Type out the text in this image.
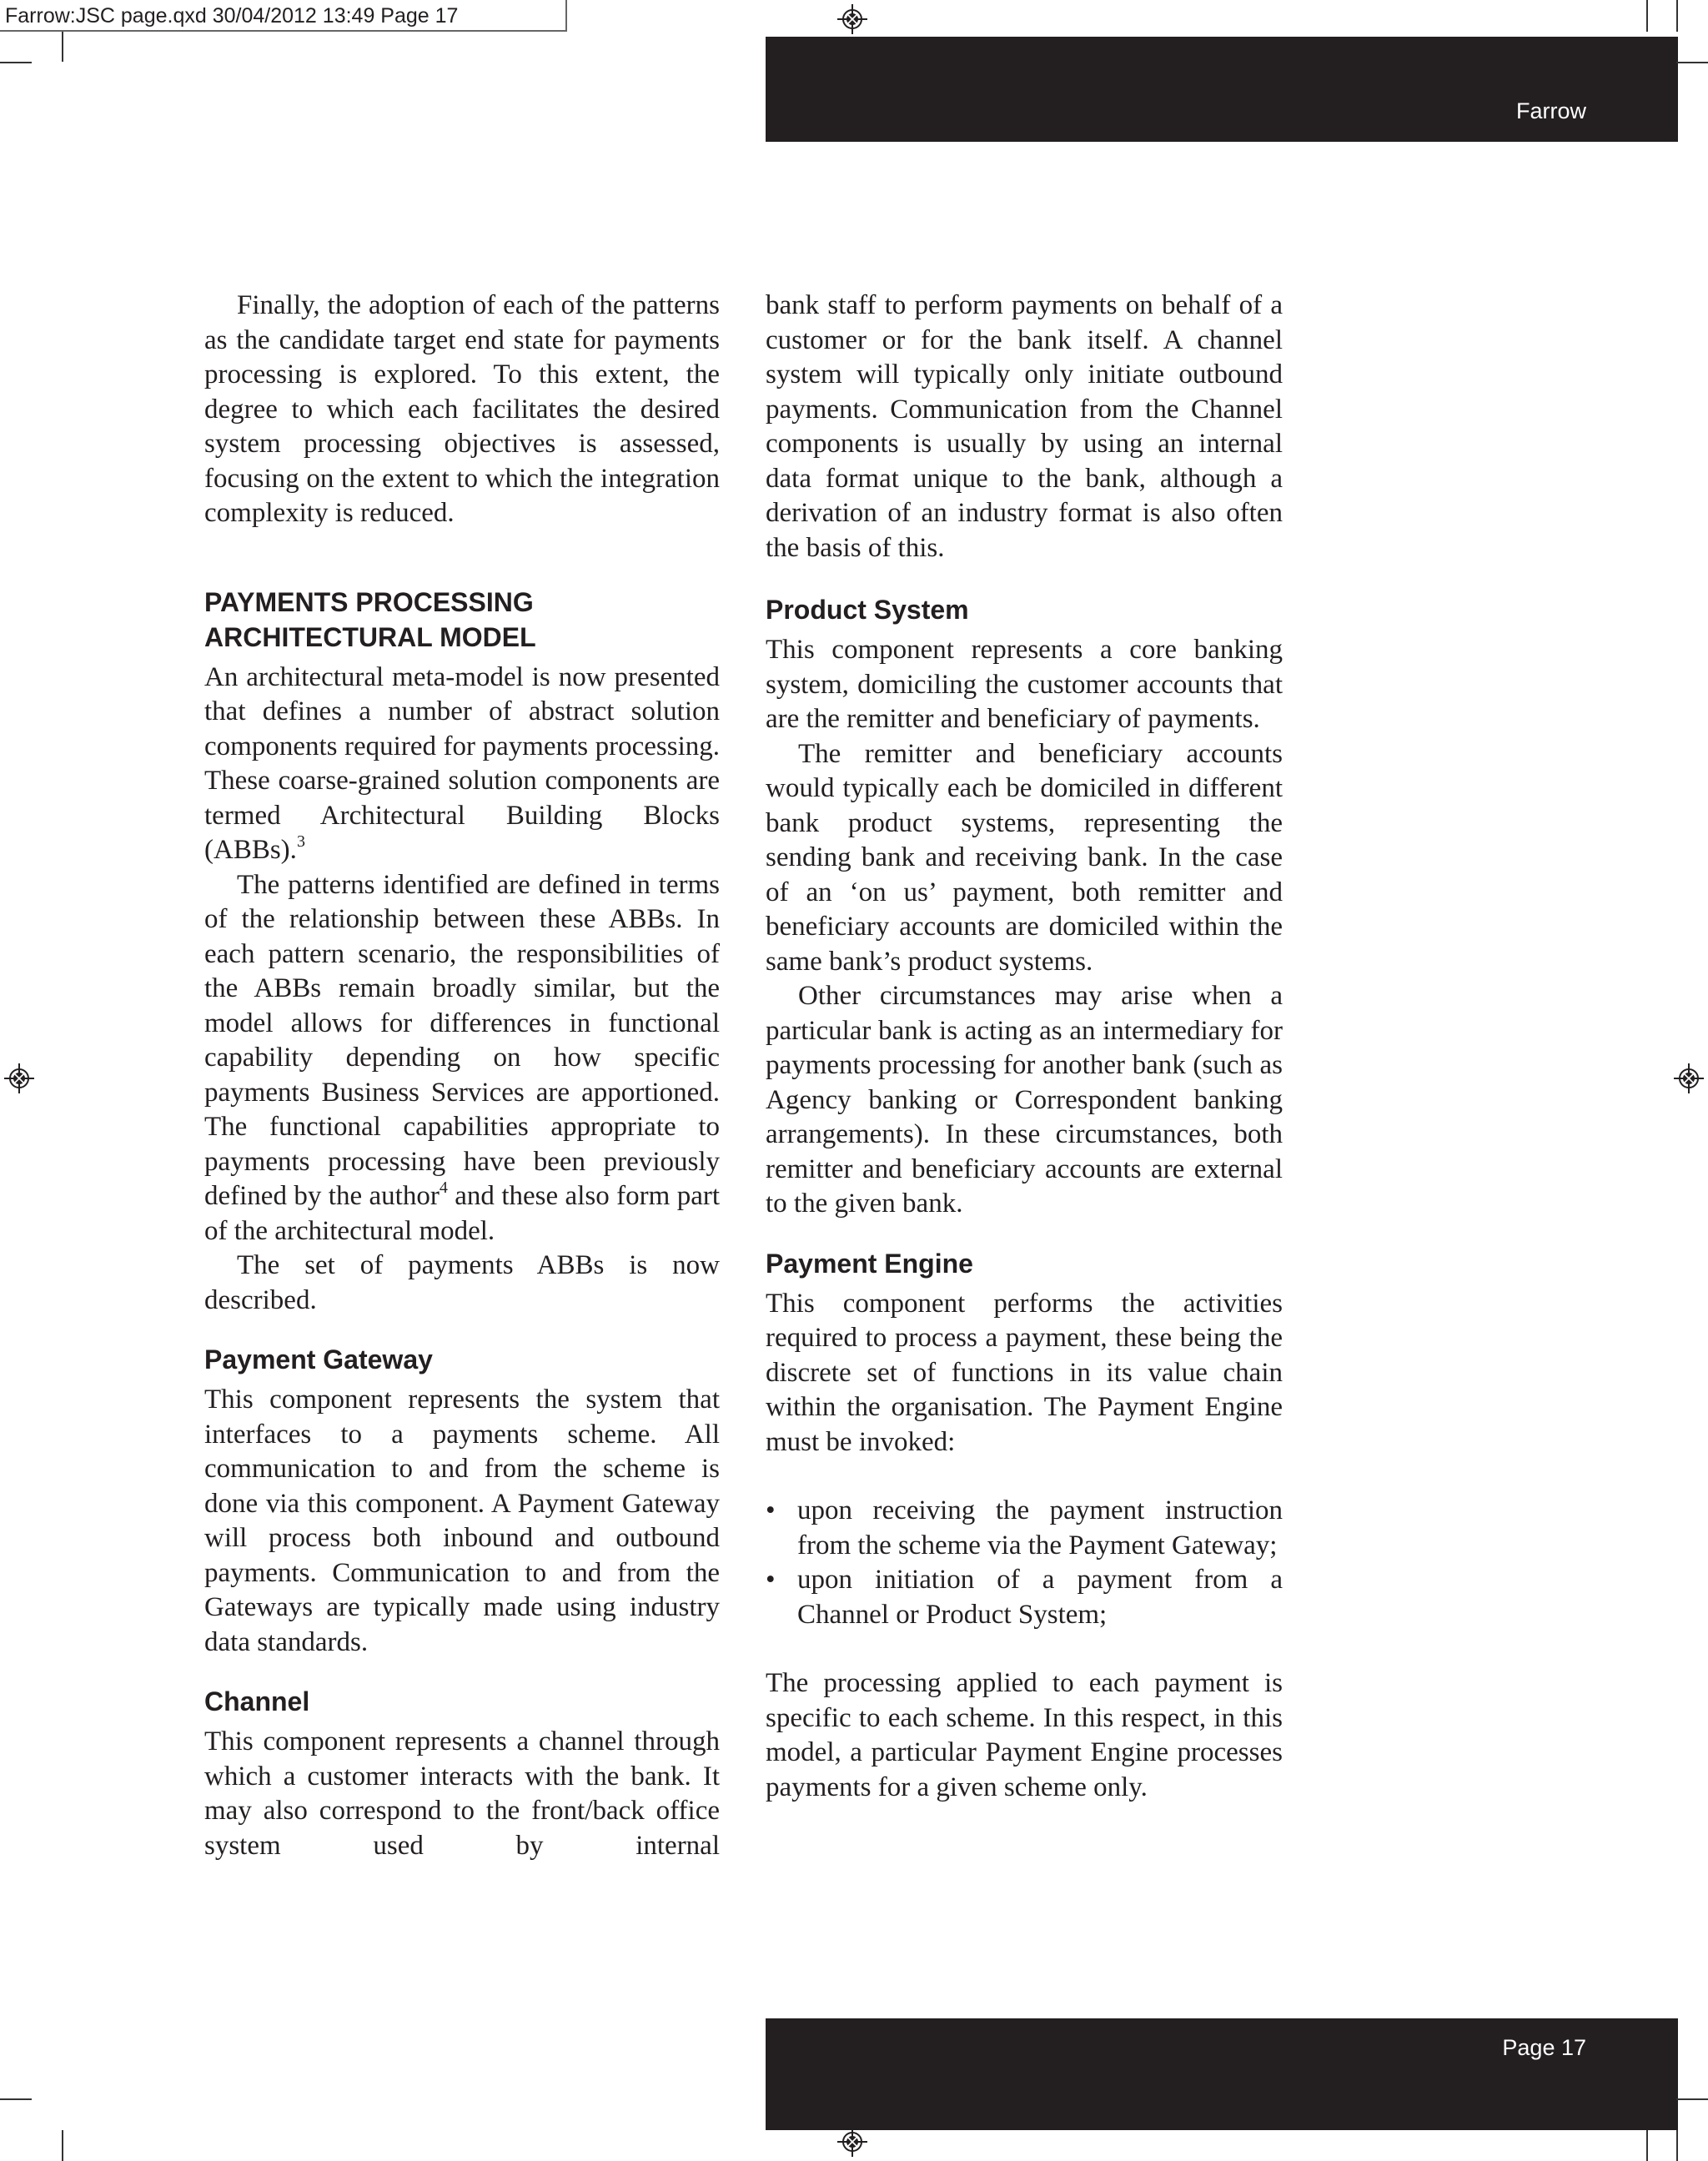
Farrow:JSC page.qxd 30/04/2012 13:49 Page 17
Farrow

Finally, the adoption of each of the patterns as the candidate target end state for payments processing is explored. To this extent, the degree to which each facilitates the desired system processing objectives is assessed, focusing on the extent to which the integration complexity is reduced.

PAYMENTS PROCESSING
ARCHITECTURAL MODEL

An architectural meta-model is now presented that defines a number of abstract solution components required for payments processing. These coarse-grained solution components are termed Architectural Building Blocks (ABBs).$^3$

The patterns identified are defined in terms of the relationship between these ABBs. In each pattern scenario, the responsibilities of the ABBs remain broadly similar, but the model allows for differences in functional capability depending on how specific payments Business Services are apportioned. The functional capabilities appropriate to payments processing have been previously defined by the author$^4$ and these also form part of the architectural model.

The set of payments ABBs is now described.

Payment Gateway

This component represents the system that interfaces to a payments scheme. All communication to and from the scheme is done via this component. A Payment Gateway will process both inbound and outbound payments. Communication to and from the Gateways are typically made using industry data standards.

Channel

This component represents a channel through which a customer interacts with the bank. It may also correspond to the front/back office system used by internal

bank staff to perform payments on behalf of a customer or for the bank itself. A channel system will typically only initiate outbound payments. Communication from the Channel components is usually by using an internal data format unique to the bank, although a derivation of an industry format is also often the basis of this.

Product System

This component represents a core banking system, domiciling the customer accounts that are the remitter and beneficiary of payments.

The remitter and beneficiary accounts would typically each be domiciled in different bank product systems, representing the sending bank and receiving bank. In the case of an ‘on us’ payment, both remitter and beneficiary accounts are domiciled within the same bank’s product systems.

Other circumstances may arise when a particular bank is acting as an intermediary for payments processing for another bank (such as Agency banking or Correspondent banking arrangements). In these circumstances, both remitter and beneficiary accounts are external to the given bank.

Payment Engine

This component performs the activities required to process a payment, these being the discrete set of functions in its value chain within the organisation. The Payment Engine must be invoked:

• upon receiving the payment instruction from the scheme via the Payment Gateway;
• upon initiation of a payment from a Channel or Product System;

The processing applied to each payment is specific to each scheme. In this respect, in this model, a particular Payment Engine processes payments for a given scheme only.

Page 17
